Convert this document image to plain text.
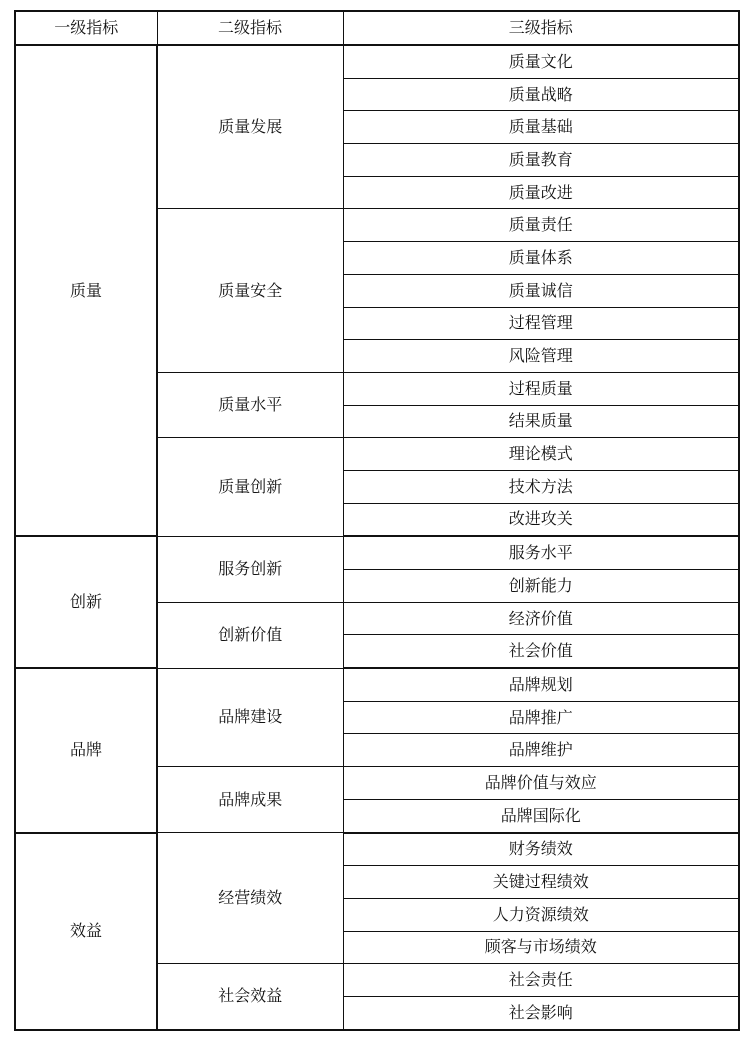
一级指标	二级指标	三级指标
质量	质量发展	质量文化
		质量战略
		质量基础
		质量教育
		质量改进
	质量安全	质量责任
		质量体系
		质量诚信
		过程管理
		风险管理
	质量水平	过程质量
		结果质量
	质量创新	理论模式
		技术方法
		改进攻关
创新	服务创新	服务水平
		创新能力
	创新价值	经济价值
		社会价值
品牌	品牌建设	品牌规划
		品牌推广
		品牌维护
	品牌成果	品牌价值与效应
		品牌国际化
效益	经营绩效	财务绩效
		关键过程绩效
		人力资源绩效
		顾客与市场绩效
	社会效益	社会责任
		社会影响
